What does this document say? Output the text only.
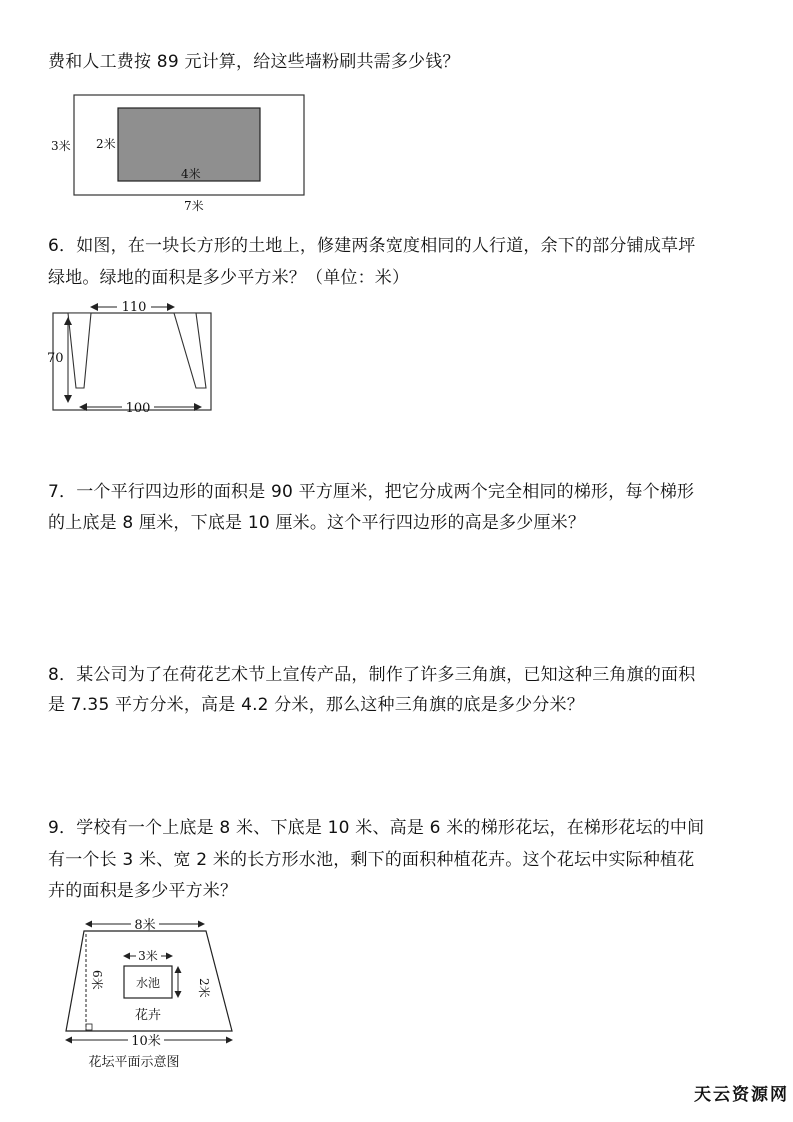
费和人工费按 89 元计算，给这些墙粉刷共需多少钱？
3米 2米
4米
7米
6．如图，在一块长方形的土地上，修建两条宽度相同的人行道，余下的部分铺成草坪
绿地。绿地的面积是多少平方米？（单位：米）
110
70
100
7．一个平行四边形的面积是 90 平方厘米，把它分成两个完全相同的梯形，每个梯形
的上底是 8 厘米，下底是 10 厘米。这个平行四边形的高是多少厘米？
8．某公司为了在荷花艺术节上宣传产品，制作了许多三角旗，已知这种三角旗的面积
是 7.35 平方分米，高是 4.2 分米，那么这种三角旗的底是多少分米？
9．学校有一个上底是 8 米、下底是 10 米、高是 6 米的梯形花坛，在梯形花坛的中间
有一个长 3 米、宽 2 米的长方形水池，剩下的面积种植花卉。这个花坛中实际种植花
卉的面积是多少平方米？
6米
8米
水池
3米
2米
花卉
10米
花坛平面示意图
天云资源网
